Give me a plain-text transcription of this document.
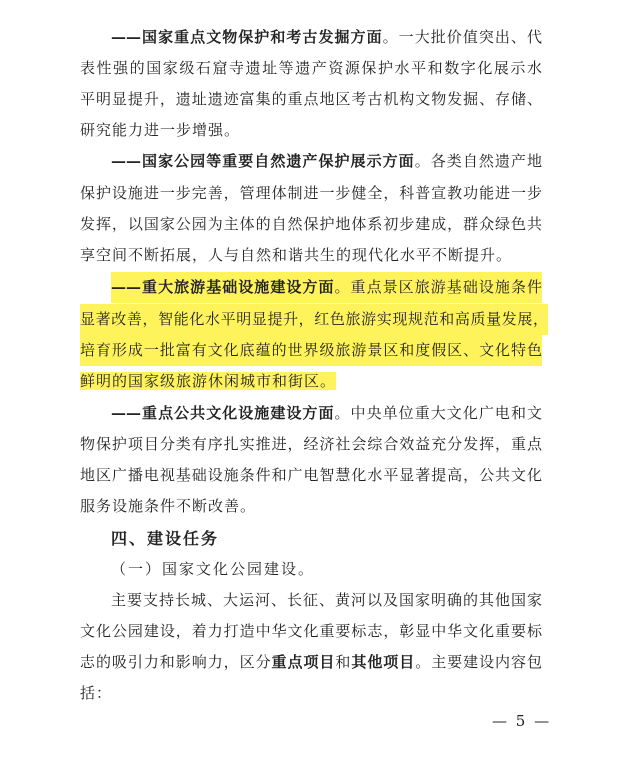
——国家重点文物保护和考古发掘方面。一大批价值突出、代
表性强的国家级石窟寺遗址等遗产资源保护水平和数字化展示水
平明显提升，遗址遗迹富集的重点地区考古机构文物发掘、存储、
研究能力进一步增强。
——国家公园等重要自然遗产保护展示方面。各类自然遗产地
保护设施进一步完善，管理体制进一步健全，科普宣教功能进一步
发挥，以国家公园为主体的自然保护地体系初步建成，群众绿色共
享空间不断拓展，人与自然和谐共生的现代化水平不断提升。
——重大旅游基础设施建设方面。重点景区旅游基础设施条件
显著改善，智能化水平明显提升，红色旅游实现规范和高质量发展，
培育形成一批富有文化底蕴的世界级旅游景区和度假区、文化特色
鲜明的国家级旅游休闲城市和街区。
——重点公共文化设施建设方面。中央单位重大文化广电和文
物保护项目分类有序扎实推进，经济社会综合效益充分发挥，重点
地区广播电视基础设施条件和广电智慧化水平显著提高，公共文化
服务设施条件不断改善。
四、建设任务
（一）国家文化公园建设。
主要支持长城、大运河、长征、黄河以及国家明确的其他国家
文化公园建设，着力打造中华文化重要标志，彰显中华文化重要标
志的吸引力和影响力，区分重点项目和其他项目。主要建设内容包
括：
— 5 —
